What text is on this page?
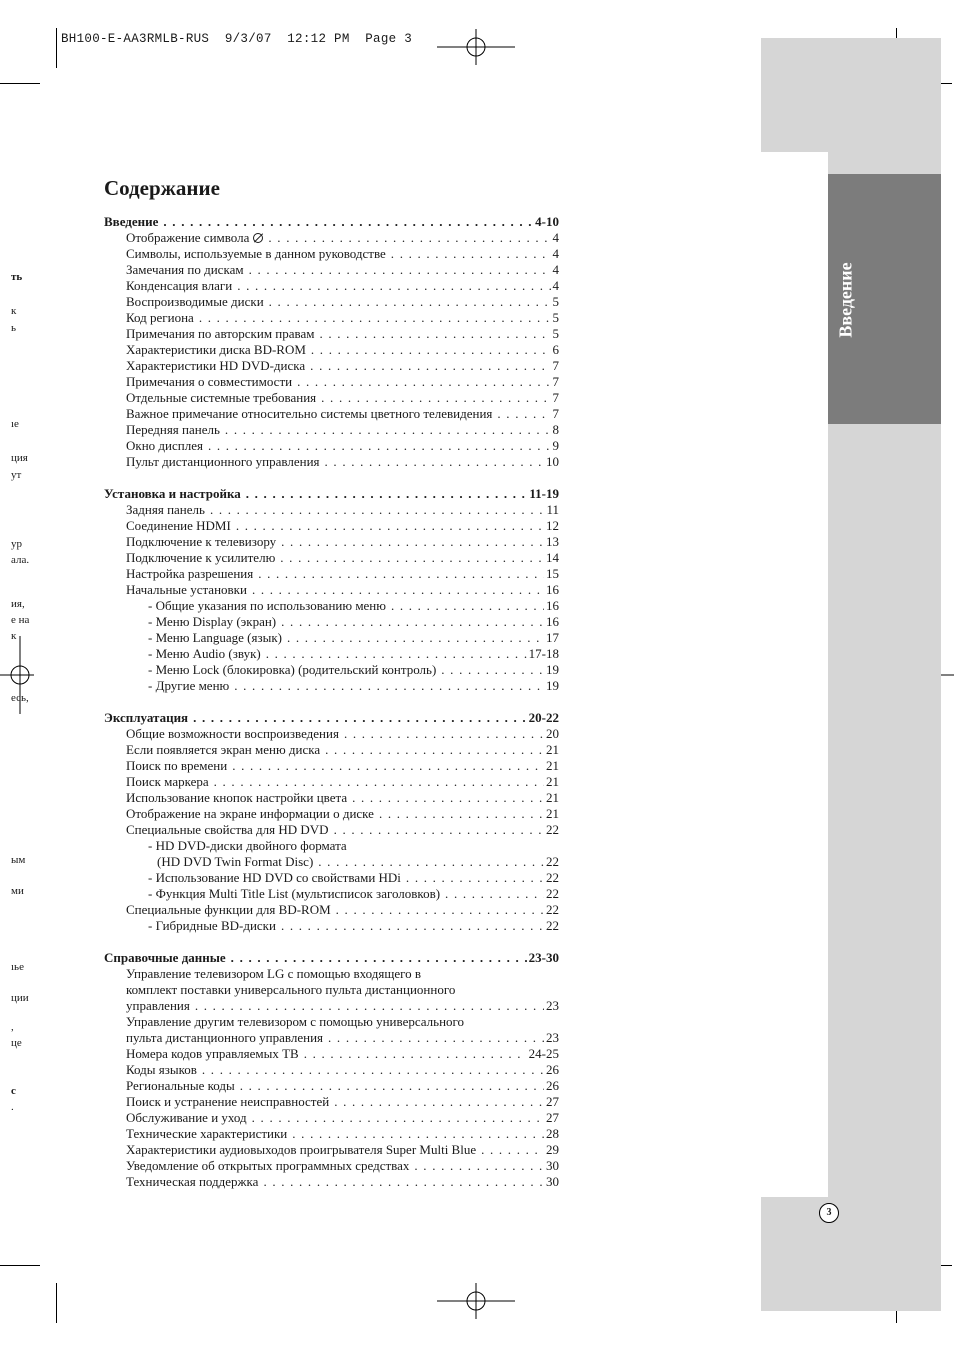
BH100-E-AA3RMLB-RUS  9/3/07  12:12 PM  Page 3
Введение
3
ть
к
ь
ıе
ция
ут
ур
ала.
ия,
е на
к
есь,
ым
ми
ıье
ции
,
це
с
.
Содержание
Введение . . .	4-10
Отображение символа . . .	4
Символы, используемые в данном руководстве . . .	4
Замечания по дискам . . .	4
Конденсация влаги . . .	4
Воспроизводимые диски . . .	5
Код региона . . .	5
Примечания по авторским правам . . .	5
Характеристики диска BD-ROM . . .	6
Характеристики HD DVD-диска . . .	7
Примечания о совместимости . . .	7
Отдельные системные требования . . .	7
Важное примечание относительно системы цветного телевидения . . .	7
Передняя панель . . .	8
Окно дисплея . . .	9
Пульт дистанционного управления . . .	10
Установка и настройка . . .	11-19
Задняя панель . . .	11
Соединение HDMI . . .	12
Подключение к телевизору . . .	13
Подключение к усилителю . . .	14
Настройка разрешения . . .	15
Начальные установки . . .	16
- Общие указания по использованию меню . . .	16
- Меню Display (экран) . . .	16
- Меню Language (язык) . . .	17
- Меню Audio (звук) . . .	17-18
- Меню Lock (блокировка) (родительский контроль) . . .	19
- Другие меню . . .	19
Эксплуатация . . .	20-22
Общие возможности воспроизведения . . .	20
Если появляется экран меню диска . . .	21
Поиск по времени . . .	21
Поиск маркера . . .	21
Использование кнопок настройки цвета . . .	21
Отображение на экране информации о диске . . .	21
Специальные свойства для HD DVD . . .	22
- HD DVD-диски двойного формата
(HD DVD Twin Format Disc) . . .	22
- Использование HD DVD со свойствами HDi . . .	22
- Функция Multi Title List (мультисписок заголовков) . . .	22
Специальные функции для BD-ROM . . .	22
- Гибридные BD-диски . . .	22
Справочные данные . . .	23-30
Управление телевизором LG с помощью входящего в
комплект поставки универсального пульта дистанционного
управления . . .	23
Управление другим телевизором с помощью универсального
пульта дистанционного управления . . .	23
Номера кодов управляемых ТВ . . .	24-25
Коды языков . . .	26
Региональные коды . . .	26
Поиск и устранение неисправностей . . .	27
Обслуживание и уход . . .	27
Технические характеристики . . .	28
Характеристики аудиовыходов проигрывателя Super Multi Blue . . .	29
Уведомление об открытых программных средствах . . .	30
Техническая поддержка . . .	30
